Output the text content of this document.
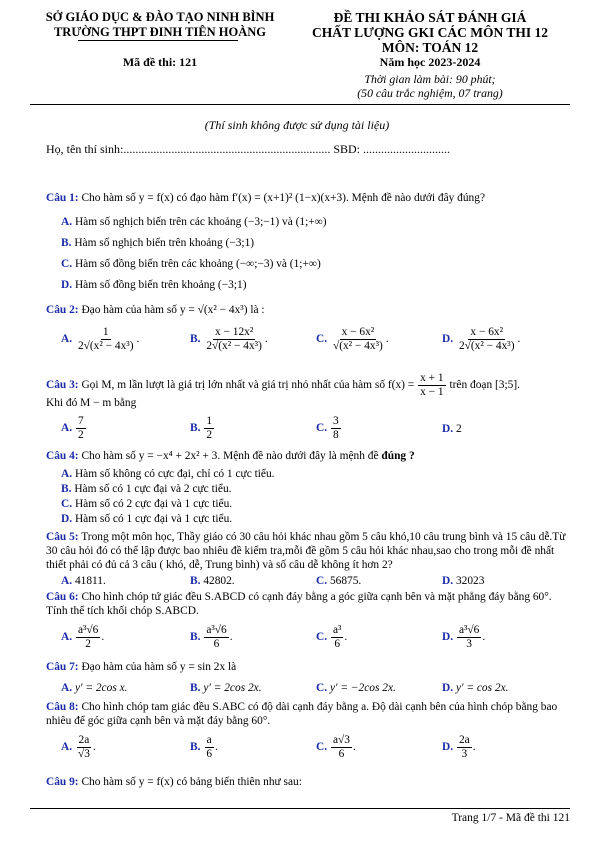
SỞ GIÁO DỤC & ĐÀO TẠO NINH BÌNH
TRƯỜNG THPT ĐINH TIÊN HOÀNG
Mã đề thi: 121
ĐỀ THI KHẢO SÁT ĐÁNH GIÁ
CHẤT LƯỢNG GKI CÁC MÔN THI 12
MÔN: TOÁN 12
Năm học 2023-2024
Thời gian làm bài: 90 phút;
(50 câu trắc nghiệm, 07 trang)
(Thí sinh không được sử dụng tài liệu)
Họ, tên thí sinh:..................................................................... SBD: .............................
Câu 1: Cho hàm số y = f(x) có đạo hàm f′(x) = (x+1)² (1−x)(x+3). Mệnh đề nào dưới đây đúng?
A. Hàm số nghịch biến trên các khoảng (−3;−1) và (1;+∞)
B. Hàm số nghịch biến trên khoảng (−3;1)
C. Hàm số đồng biến trên các khoảng (−∞;−3) và (1;+∞)
D. Hàm số đồng biến trên khoảng (−3;1)
Câu 2: Đạo hàm của hàm số y = √(x² − 4x³) là :
A. $\frac{1}{\text{2√(x² − 4x³)}}$ .	B. $\frac{\text{x − 12x²}}{\text{2√(x² − 4x³)}}$ .	C. $\frac{\text{x − 6x²}}{\text{√(x² − 4x³)}}$ .	D. $\frac{\text{x − 6x²}}{\text{2√(x² − 4x³)}}$ .
Câu 3: Gọi M, m lần lượt là giá trị lớn nhất và giá trị nhỏ nhất của hàm số $f(x) = \frac{x + 1}{x - 1}$ trên đoạn [3;5].
Khi đó M − m bằng
A. $\frac{7}{2}$	B. $\frac{1}{2}$	C. $\frac{3}{8}$	D. 2
Câu 4: Cho hàm số y = −x⁴ + 2x² + 3. Mệnh đề nào dưới đây là mệnh đề đúng ?
A. Hàm số không có cực đại, chỉ có 1 cực tiểu.
B. Hàm số có 1 cực đại và 2 cực tiểu.
C. Hàm số có 2 cực đại và 1 cực tiểu.
D. Hàm số có 1 cực đại và 1 cực tiểu.
Câu 5: Trong một môn học, Thầy giáo có 30 câu hỏi khác nhau gồm 5 câu khó,10 câu trung bình và 15 câu dễ.Từ 30 câu hỏi đó có thể lập được bao nhiêu đề kiểm tra,mỗi đề gồm 5 câu hỏi khác nhau,sao cho trong mỗi đề nhất thiết phải có đủ cả 3 câu ( khó, dễ, Trung bình) và số câu dễ không ít hơn 2?
A. 41811.	B. 42802.	C. 56875.	D. 32023
Câu 6: Cho hình chóp tứ giác đều S.ABCD có cạnh đáy bằng a góc giữa cạnh bên và mặt phẳng đáy bằng 60°. Tính thể tích khối chóp S.ABCD.
A. $\frac{\text{a³√6}}{2}$ .	B. $\frac{\text{a³√6}}{6}$ .	C. $\frac{\text{a³}}{6}$ .	D. $\frac{\text{a³√6}}{3}$ .
Câu 7: Đạo hàm của hàm số y = sin 2x là
A. y′ = 2cos x.	B. y′ = 2cos 2x.	C. y′ = −2cos 2x.	D. y′ = cos 2x.
Câu 8: Cho hình chóp tam giác đều S.ABC có độ dài cạnh đáy bằng a. Độ dài cạnh bên của hình chóp bằng bao nhiêu để góc giữa cạnh bên và mặt đáy bằng 60°.
A. $\frac{2a}{√3}$ .	B. $\frac{a}{6}$ .	C. $\frac{a√3}{6}$ .	D. $\frac{2a}{3}$ .
Câu 9: Cho hàm số y = f(x) có bảng biến thiên như sau:
Trang 1/7 - Mã đề thi 121
